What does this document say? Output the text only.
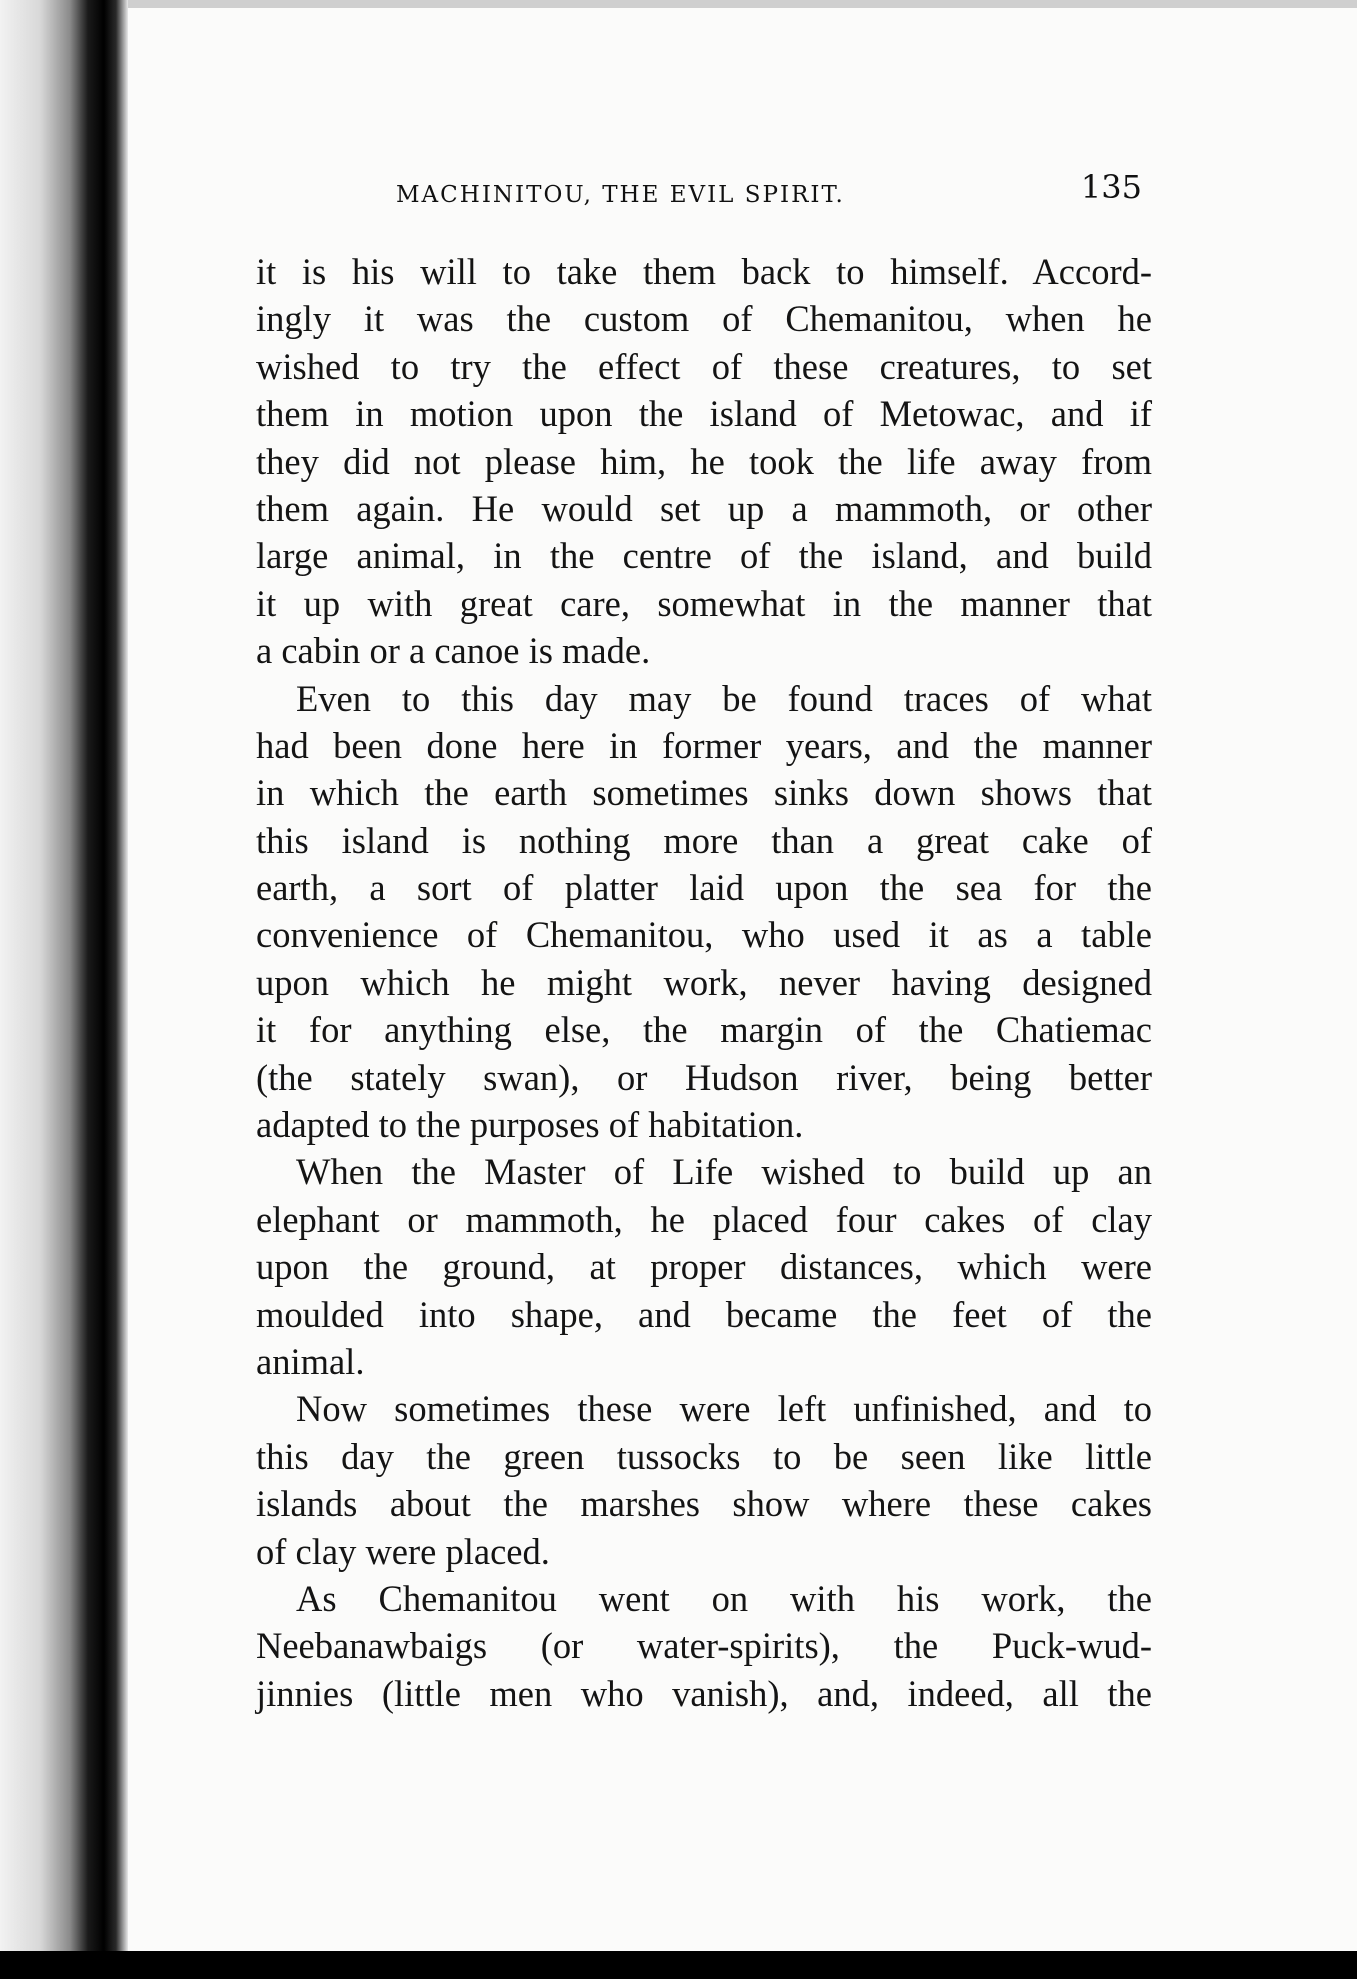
MACHINITOU, THE EVIL SPIRIT.	135

it is his will to take them back to himself. Accord-
ingly it was the custom of Chemanitou, when he
wished to try the effect of these creatures, to set
them in motion upon the island of Metowac, and if
they did not please him, he took the life away from
them again. He would set up a mammoth, or other
large animal, in the centre of the island, and build
it up with great care, somewhat in the manner that
a cabin or a canoe is made.

Even to this day may be found traces of what
had been done here in former years, and the manner
in which the earth sometimes sinks down shows that
this island is nothing more than a great cake of
earth, a sort of platter laid upon the sea for the
convenience of Chemanitou, who used it as a table
upon which he might work, never having designed
it for anything else, the margin of the Chatiemac
(the stately swan), or Hudson river, being better
adapted to the purposes of habitation.

When the Master of Life wished to build up an
elephant or mammoth, he placed four cakes of clay
upon the ground, at proper distances, which were
moulded into shape, and became the feet of the
animal.

Now sometimes these were left unfinished, and to
this day the green tussocks to be seen like little
islands about the marshes show where these cakes
of clay were placed.

As Chemanitou went on with his work, the
Neebanawbaigs (or water-spirits), the Puck-wud-
jinnies (little men who vanish), and, indeed, all the
